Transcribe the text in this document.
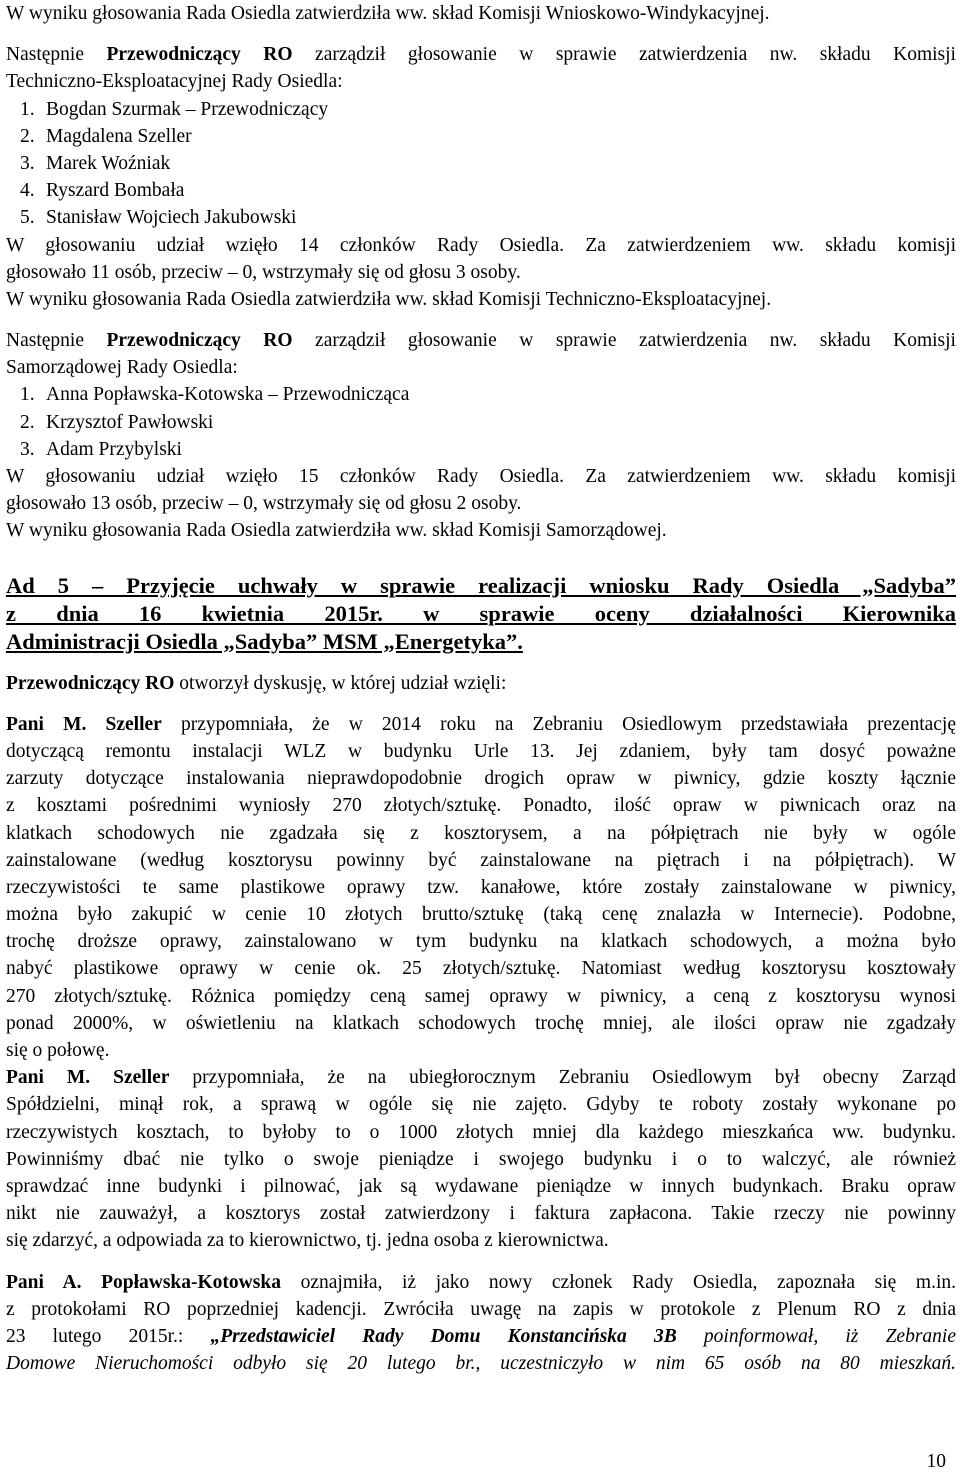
W wyniku głosowania Rada Osiedla zatwierdziła ww. skład Komisji Wnioskowo-Windykacyjnej.
Następnie Przewodniczący RO zarządził głosowanie w sprawie zatwierdzenia nw. składu Komisji
Techniczno-Eksploatacyjnej Rady Osiedla:
1. Bogdan Szurmak – Przewodniczący
2. Magdalena Szeller
3. Marek Woźniak
4. Ryszard Bombała
5. Stanisław Wojciech Jakubowski
W głosowaniu udział wzięło 14 członków Rady Osiedla. Za zatwierdzeniem ww. składu komisji
głosowało 11 osób, przeciw – 0, wstrzymały się od głosu 3 osoby.
W wyniku głosowania Rada Osiedla zatwierdziła ww. skład Komisji Techniczno-Eksploatacyjnej.
Następnie Przewodniczący RO zarządził głosowanie w sprawie zatwierdzenia nw. składu Komisji
Samorządowej Rady Osiedla:
1. Anna Popławska-Kotowska – Przewodnicząca
2. Krzysztof Pawłowski
3. Adam Przybylski
W głosowaniu udział wzięło 15 członków Rady Osiedla. Za zatwierdzeniem ww. składu komisji
głosowało 13 osób, przeciw – 0, wstrzymały się od głosu 2 osoby.
W wyniku głosowania Rada Osiedla zatwierdziła ww. skład Komisji Samorządowej.
Ad 5 – Przyjęcie uchwały w sprawie realizacji wniosku Rady Osiedla „Sadyba”
z dnia 16 kwietnia 2015r. w sprawie oceny działalności Kierownika
Administracji Osiedla „Sadyba” MSM „Energetyka”.
Przewodniczący RO otworzył dyskusję, w której udział wzięli:
Pani M. Szeller przypomniała, że w 2014 roku na Zebraniu Osiedlowym przedstawiała prezentację
dotyczącą remontu instalacji WLZ w budynku Urle 13. Jej zdaniem, były tam dosyć poważne
zarzuty dotyczące instalowania nieprawdopodobnie drogich opraw w piwnicy, gdzie koszty łącznie
z kosztami pośrednimi wyniosły 270 złotych/sztukę. Ponadto, ilość opraw w piwnicach oraz na
klatkach schodowych nie zgadzała się z kosztorysem, a na półpiętrach nie były w ogóle
zainstalowane (według kosztorysu powinny być zainstalowane na piętrach i na półpiętrach). W
rzeczywistości te same plastikowe oprawy tzw. kanałowe, które zostały zainstalowane w piwnicy,
można było zakupić w cenie 10 złotych brutto/sztukę (taką cenę znalazła w Internecie). Podobne,
trochę droższe oprawy, zainstalowano w tym budynku na klatkach schodowych, a można było
nabyć plastikowe oprawy w cenie ok. 25 złotych/sztukę. Natomiast według kosztorysu kosztowały
270 złotych/sztukę. Różnica pomiędzy ceną samej oprawy w piwnicy, a ceną z kosztorysu wynosi
ponad 2000%, w oświetleniu na klatkach schodowych trochę mniej, ale ilości opraw nie zgadzały
się o połowę.
Pani M. Szeller przypomniała, że na ubiegłorocznym Zebraniu Osiedlowym był obecny Zarząd
Spółdzielni, minął rok, a sprawą w ogóle się nie zajęto. Gdyby te roboty zostały wykonane po
rzeczywistych kosztach, to byłoby to o 1000 złotych mniej dla każdego mieszkańca ww. budynku.
Powinniśmy dbać nie tylko o swoje pieniądze i swojego budynku i o to walczyć, ale również
sprawdzać inne budynki i pilnować, jak są wydawane pieniądze w innych budynkach. Braku opraw
nikt nie zauważył, a kosztorys został zatwierdzony i faktura zapłacona. Takie rzeczy nie powinny
się zdarzyć, a odpowiada za to kierownictwo, tj. jedna osoba z kierownictwa.
Pani A. Popławska-Kotowska oznajmiła, iż jako nowy członek Rady Osiedla, zapoznała się m.in.
z protokołami RO poprzedniej kadencji. Zwróciła uwagę na zapis w protokole z Plenum RO z dnia
23 lutego 2015r.: „Przedstawiciel Rady Domu Konstancińska 3B poinformował, iż Zebranie
Domowe Nieruchomości odbyło się 20 lutego br., uczestniczyło w nim 65 osób na 80 mieszkań.
10
